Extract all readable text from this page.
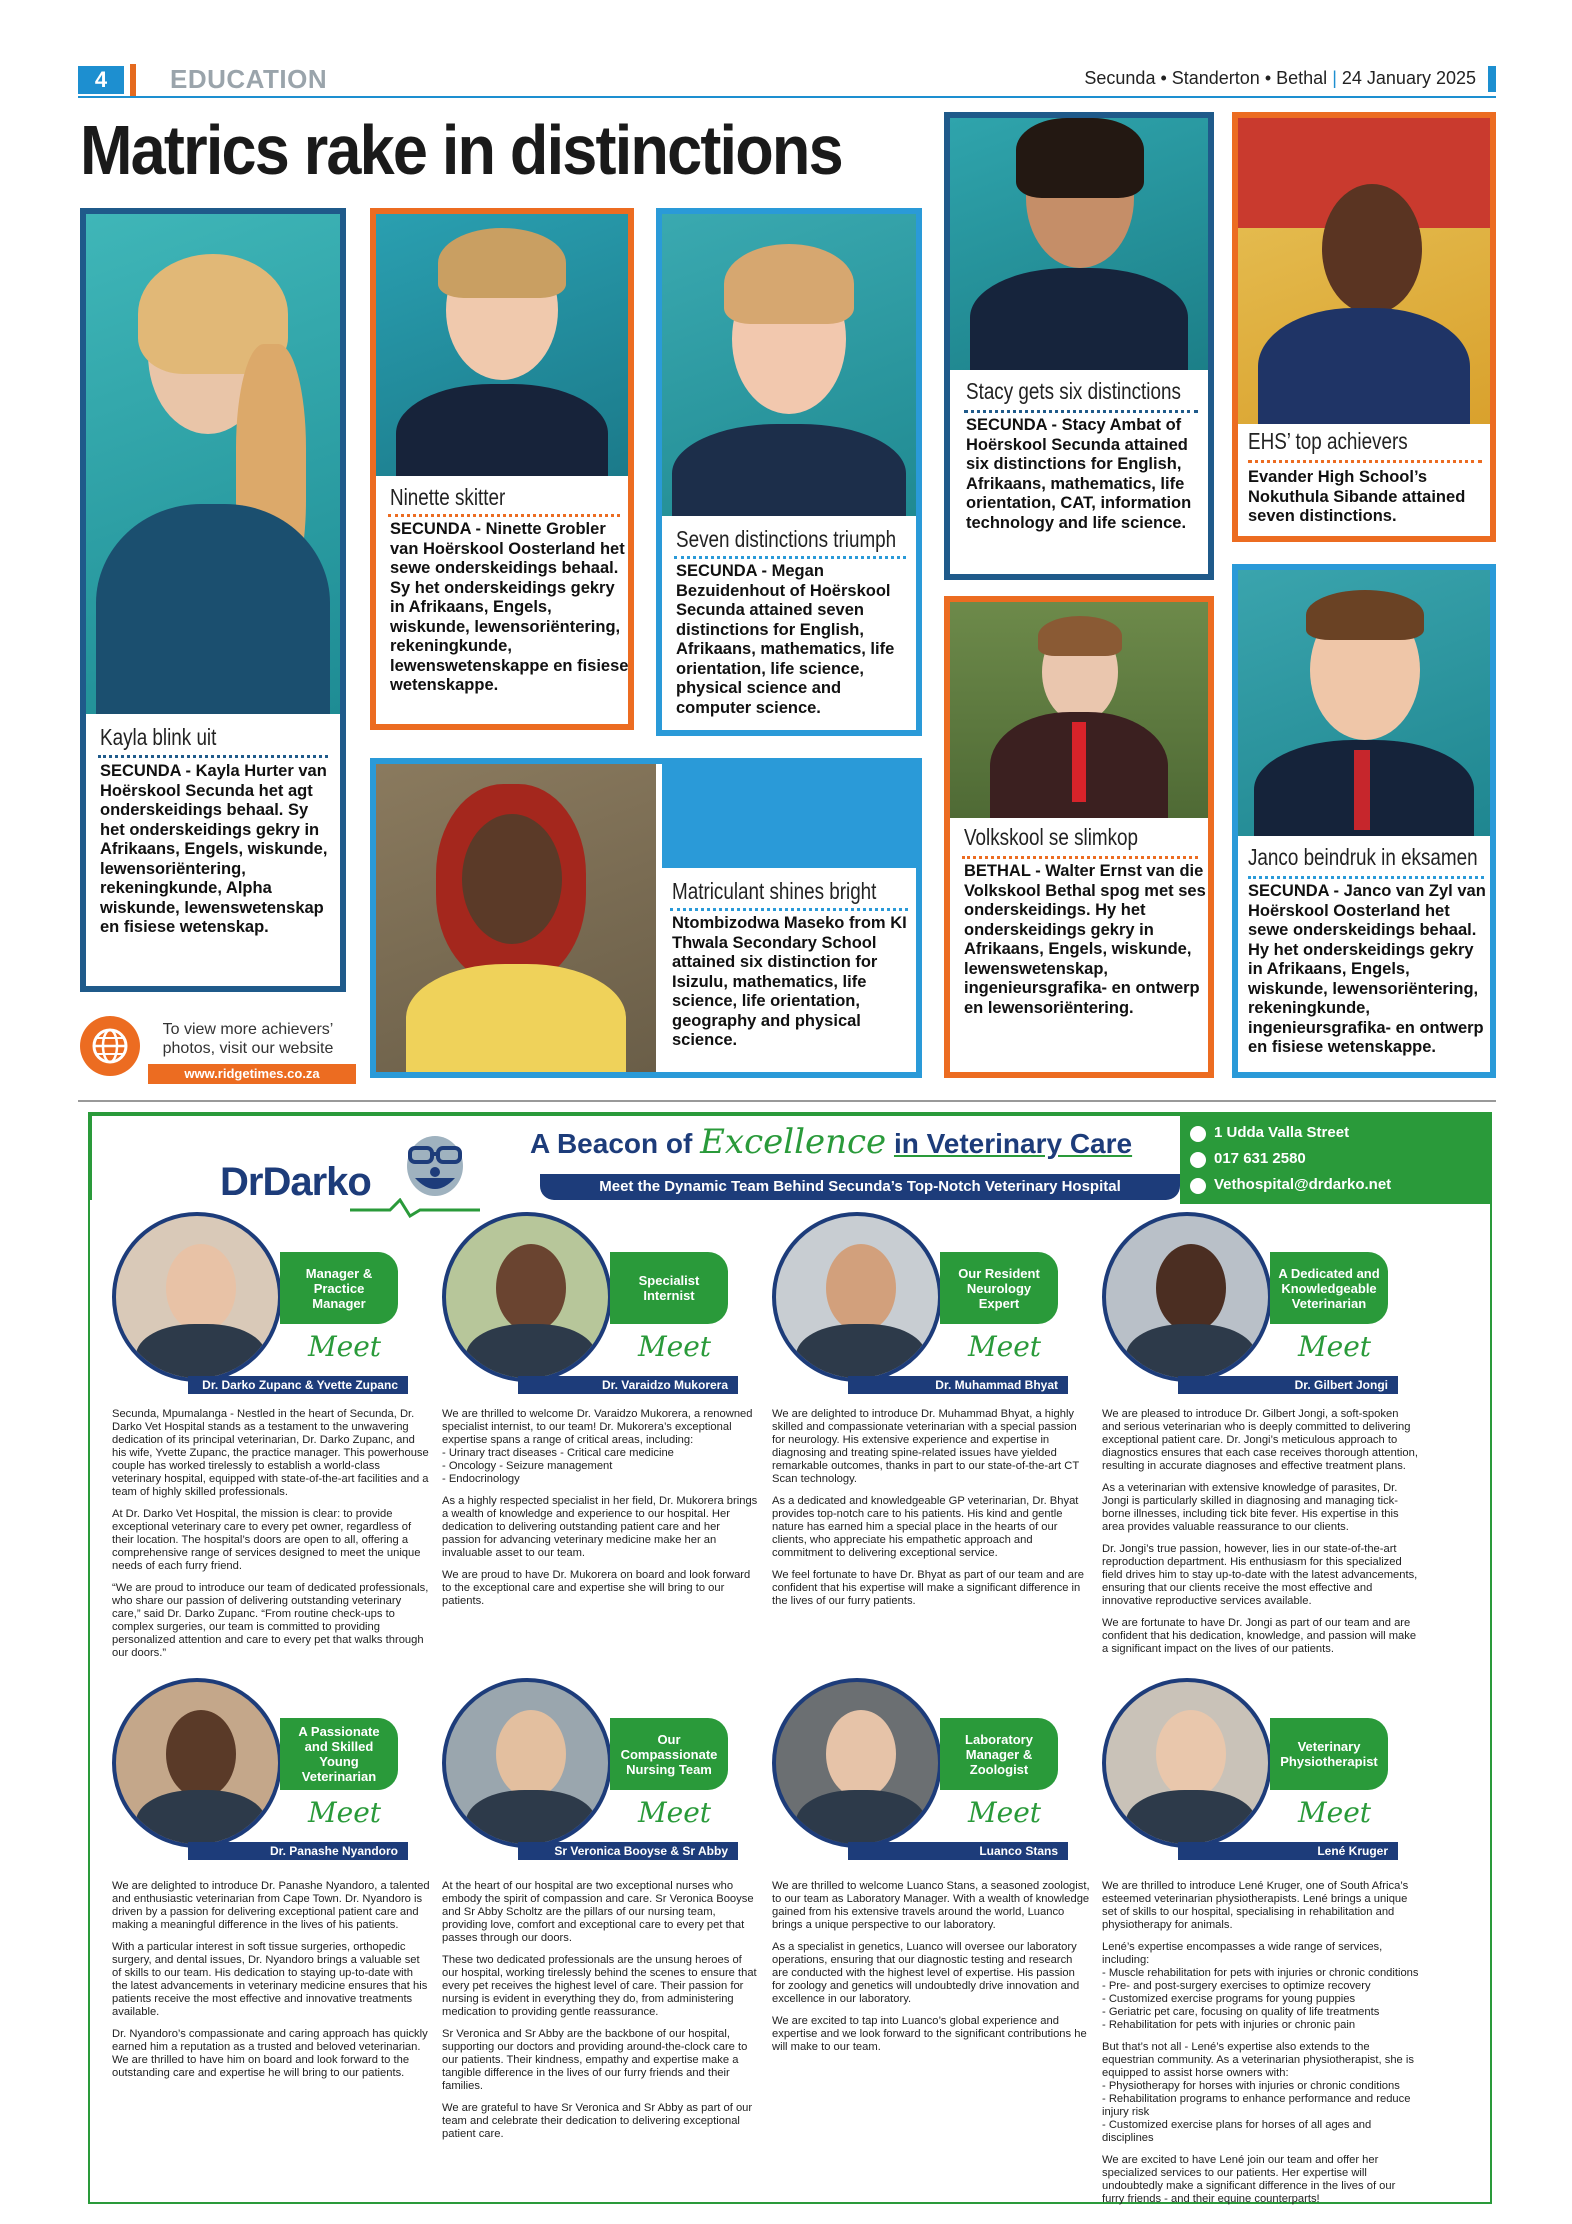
4	EDUCATION	Secunda • Standerton • Bethal | 24 January 2025
Matrics rake in distinctions
Kayla blink uit
SECUNDA - Kayla Hurter van Hoërskool Secunda het agt onderskeidings behaal. Sy het onderskeidings gekry in Afrikaans, Engels, wiskunde, lewensoriëntering, rekeningkunde, Alpha wiskunde, lewenswetenskap en fisiese wetenskap.
Ninette skitter
SECUNDA - Ninette Grobler van Hoërskool Oosterland het sewe onderskeidings behaal. Sy het onderskeidings gekry in Afrikaans, Engels, wiskunde, lewensoriëntering, rekeningkunde, lewenswetenskappe en fisiese wetenskappe.
Seven distinctions triumph
SECUNDA - Megan Bezuidenhout of Hoërskool Secunda attained seven distinctions for English, Afrikaans, mathematics, life orientation, life science, physical science and computer science.
Stacy gets six distinctions
SECUNDA - Stacy Ambat of Hoërskool Secunda attained six distinctions for English, Afrikaans, mathematics, life orientation, CAT, information technology and life science.
EHS’ top achievers
Evander High School’s Nokuthula Sibande attained seven distinctions.
Matriculant shines bright
Ntombizodwa Maseko from KI Thwala Secondary School attained six distinction for Isizulu, mathematics, life science, life orientation, geography and physical science.
Volkskool se slimkop
BETHAL - Walter Ernst van die Volkskool Bethal spog met ses onderskeidings. Hy het onderskeidings gekry in Afrikaans, Engels, wiskunde, lewenswetenskap, ingenieursgrafika- en ontwerp en lewensoriëntering.
Janco beindruk in eksamen
SECUNDA - Janco van Zyl van Hoërskool Oosterland het sewe onderskeidings behaal. Hy het onderskeidings gekry in Afrikaans, Engels, wiskunde, lewensoriëntering, rekeningkunde, ingenieursgrafika- en ontwerp en fisiese wetenskappe.
To view more achievers’ photos, visit our website
www.ridgetimes.co.za
DrDarko
A Beacon of Excellence in Veterinary Care
Meet the Dynamic Team Behind Secunda’s Top-Notch Veterinary Hospital
1 Udda Valla Street
017 631 2580
Vethospital@drdarko.net
Manager & Practice Manager
Meet
Dr. Darko Zupanc & Yvette Zupanc
Secunda, Mpumalanga - Nestled in the heart of Secunda, Dr. Darko Vet Hospital stands as a testament to the unwavering dedication of its principal veterinarian, Dr. Darko Zupanc, and his wife, Yvette Zupanc, the practice manager. This powerhouse couple has worked tirelessly to establish a world-class veterinary hospital, equipped with state-of-the-art facilities and a team of highly skilled professionals.
At Dr. Darko Vet Hospital, the mission is clear: to provide exceptional veterinary care to every pet owner, regardless of their location. The hospital’s doors are open to all, offering a comprehensive range of services designed to meet the unique needs of each furry friend.
“We are proud to introduce our team of dedicated professionals, who share our passion of delivering outstanding veterinary care,” said Dr. Darko Zupanc. “From routine check-ups to complex surgeries, our team is committed to providing personalized attention and care to every pet that walks through our doors.”
Specialist Internist
Meet
Dr. Varaidzo Mukorera
We are thrilled to welcome Dr. Varaidzo Mukorera, a renowned specialist internist, to our team! Dr. Mukorera’s exceptional expertise spans a range of critical areas, including:
- Urinary tract diseases - Critical care medicine
- Oncology - Seizure management
- Endocrinology
As a highly respected specialist in her field, Dr. Mukorera brings a wealth of knowledge and experience to our hospital. Her dedication to delivering outstanding patient care and her passion for advancing veterinary medicine make her an invaluable asset to our team.
We are proud to have Dr. Mukorera on board and look forward to the exceptional care and expertise she will bring to our patients.
Our Resident Neurology Expert
Meet
Dr. Muhammad Bhyat
We are delighted to introduce Dr. Muhammad Bhyat, a highly skilled and compassionate veterinarian with a special passion for neurology. His extensive experience and expertise in diagnosing and treating spine-related issues have yielded remarkable outcomes, thanks in part to our state-of-the-art CT Scan technology.
As a dedicated and knowledgeable GP veterinarian, Dr. Bhyat provides top-notch care to his patients. His kind and gentle nature has earned him a special place in the hearts of our clients, who appreciate his empathetic approach and commitment to delivering exceptional service.
We feel fortunate to have Dr. Bhyat as part of our team and are confident that his expertise will make a significant difference in the lives of our furry patients.
A Dedicated and Knowledgeable Veterinarian
Meet
Dr. Gilbert Jongi
We are pleased to introduce Dr. Gilbert Jongi, a soft-spoken and serious veterinarian who is deeply committed to delivering exceptional patient care. Dr. Jongi’s meticulous approach to diagnostics ensures that each case receives thorough attention, resulting in accurate diagnoses and effective treatment plans.
As a veterinarian with extensive knowledge of parasites, Dr. Jongi is particularly skilled in diagnosing and managing tick-borne illnesses, including tick bite fever. His expertise in this area provides valuable reassurance to our clients.
Dr. Jongi’s true passion, however, lies in our state-of-the-art reproduction department. His enthusiasm for this specialized field drives him to stay up-to-date with the latest advancements, ensuring that our clients receive the most effective and innovative reproductive services available.
We are fortunate to have Dr. Jongi as part of our team and are confident that his dedication, knowledge, and passion will make a significant impact on the lives of our patients.
A Passionate and Skilled Young Veterinarian
Meet
Dr. Panashe Nyandoro
We are delighted to introduce Dr. Panashe Nyandoro, a talented and enthusiastic veterinarian from Cape Town. Dr. Nyandoro is driven by a passion for delivering exceptional patient care and making a meaningful difference in the lives of his patients.
With a particular interest in soft tissue surgeries, orthopedic surgery, and dental issues, Dr. Nyandoro brings a valuable set of skills to our team. His dedication to staying up-to-date with the latest advancements in veterinary medicine ensures that his patients receive the most effective and innovative treatments available.
Dr. Nyandoro’s compassionate and caring approach has quickly earned him a reputation as a trusted and beloved veterinarian. We are thrilled to have him on board and look forward to the outstanding care and expertise he will bring to our patients.
Our Compassionate Nursing Team
Meet
Sr Veronica Booyse & Sr Abby Scholtz
At the heart of our hospital are two exceptional nurses who embody the spirit of compassion and care. Sr Veronica Booyse and Sr Abby Scholtz are the pillars of our nursing team, providing love, comfort and exceptional care to every pet that passes through our doors.
These two dedicated professionals are the unsung heroes of our hospital, working tirelessly behind the scenes to ensure that every pet receives the highest level of care. Their passion for nursing is evident in everything they do, from administering medication to providing gentle reassurance.
Sr Veronica and Sr Abby are the backbone of our hospital, supporting our doctors and providing around-the-clock care to our patients. Their kindness, empathy and expertise make a tangible difference in the lives of our furry friends and their families.
We are grateful to have Sr Veronica and Sr Abby as part of our team and celebrate their dedication to delivering exceptional patient care.
Laboratory Manager & Zoologist
Meet
Luanco Stans
We are thrilled to welcome Luanco Stans, a seasoned zoologist, to our team as Laboratory Manager. With a wealth of knowledge gained from his extensive travels around the world, Luanco brings a unique perspective to our laboratory.
As a specialist in genetics, Luanco will oversee our laboratory operations, ensuring that our diagnostic testing and research are conducted with the highest level of expertise. His passion for zoology and genetics will undoubtedly drive innovation and excellence in our laboratory.
We are excited to tap into Luanco’s global experience and expertise and we look forward to the significant contributions he will make to our team.
Veterinary Physiotherapist
Meet
Lené Kruger
We are thrilled to introduce Lené Kruger, one of South Africa’s esteemed veterinarian physiotherapists. Lené brings a unique set of skills to our hospital, specialising in rehabilitation and physiotherapy for animals.
Lené’s expertise encompasses a wide range of services, including:
- Muscle rehabilitation for pets with injuries or chronic conditions
- Pre- and post-surgery exercises to optimize recovery
- Customized exercise programs for young puppies
- Geriatric pet care, focusing on quality of life treatments
- Rehabilitation for pets with injuries or chronic pain
But that’s not all - Lené’s expertise also extends to the equestrian community. As a veterinarian physiotherapist, she is equipped to assist horse owners with:
- Physiotherapy for horses with injuries or chronic conditions
- Rehabilitation programs to enhance performance and reduce injury risk
- Customized exercise plans for horses of all ages and disciplines
We are excited to have Lené join our team and offer her specialized services to our patients. Her expertise will undoubtedly make a significant difference in the lives of our furry friends - and their equine counterparts!
